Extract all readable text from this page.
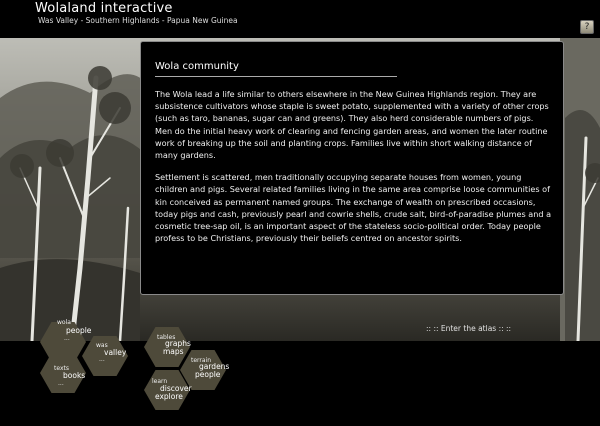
Wolaland interactive
Was Valley - Southern Highlands - Papua New Guinea
?
:: :: Enter the atlas :: ::
Wola community

The Wola lead a life similar to others elsewhere in the New Guinea Highlands region. They are subsistence cultivators whose staple is sweet potato, supplemented with a variety of other crops (such as taro, bananas, sugar can and greens). They also herd considerable numbers of pigs. Men do the initial heavy work of clearing and fencing garden areas, and women the later routine work of breaking up the soil and planting crops. Families live within short walking distance of many gardens.

Settlement is scattered, men traditionally occupying separate houses from women, young children and pigs. Several related families living in the same area comprise loose communities of kin conceived as permanent named groups. The exchange of wealth on prescribed occasions, today pigs and cash, previously pearl and cowrie shells, crude salt, bird-of-paradise plumes and a cosmetic tree-sap oil, is an important aspect of the stateless socio-political order. Today people profess to be Christians, previously their beliefs centred on ancestor spirits.

wola
people
...
was
valley
...
tables
graphs
maps
texts
books
...
terrain
gardens
people
learn
discover
explore
